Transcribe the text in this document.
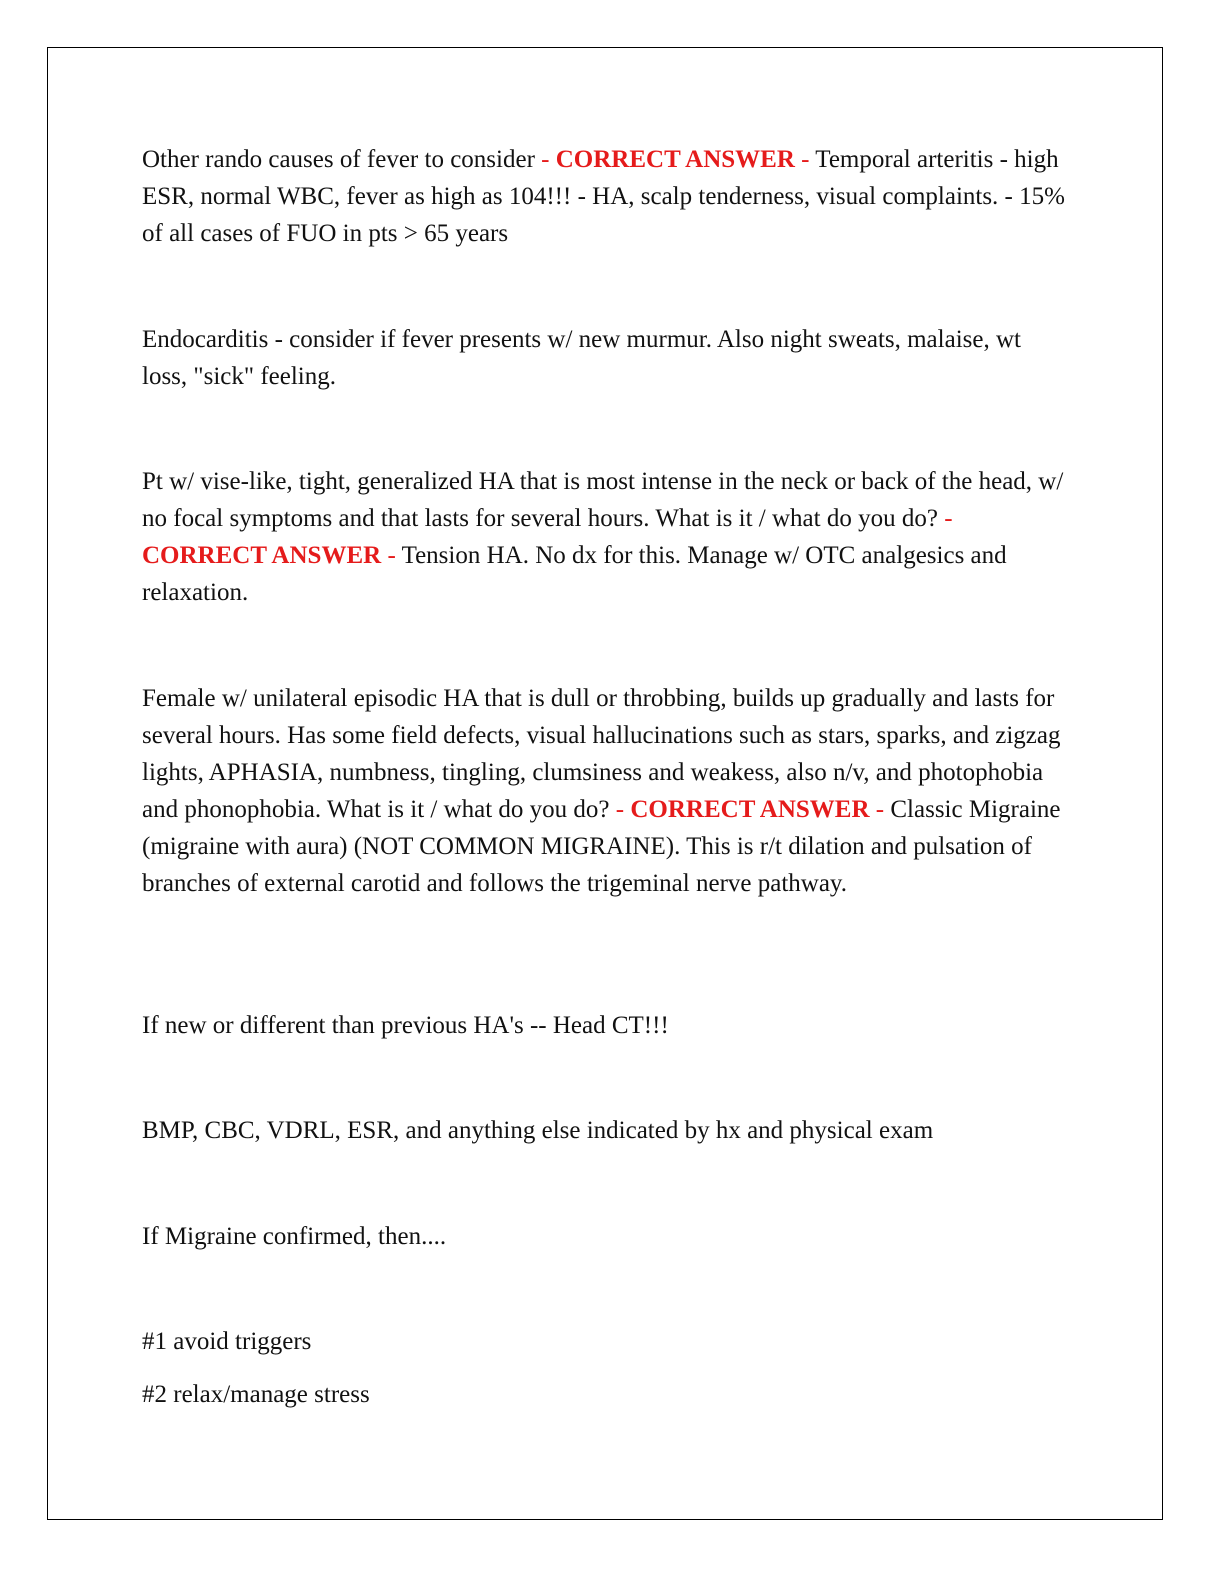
Other rando causes of fever to consider - CORRECT ANSWER - Temporal arteritis - high ESR, normal WBC, fever as high as 104!!! - HA, scalp tenderness, visual complaints. - 15% of all cases of FUO in pts > 65 years

Endocarditis - consider if fever presents w/ new murmur. Also night sweats, malaise, wt loss, "sick" feeling.

Pt w/ vise-like, tight, generalized HA that is most intense in the neck or back of the head, w/ no focal symptoms and that lasts for several hours. What is it / what do you do? - CORRECT ANSWER - Tension HA. No dx for this. Manage w/ OTC analgesics and relaxation.

Female w/ unilateral episodic HA that is dull or throbbing, builds up gradually and lasts for several hours. Has some field defects, visual hallucinations such as stars, sparks, and zigzag lights, APHASIA, numbness, tingling, clumsiness and weakess, also n/v, and photophobia and phonophobia. What is it / what do you do? - CORRECT ANSWER - Classic Migraine (migraine with aura) (NOT COMMON MIGRAINE). This is r/t dilation and pulsation of branches of external carotid and follows the trigeminal nerve pathway.

If new or different than previous HA's -- Head CT!!!

BMP, CBC, VDRL, ESR, and anything else indicated by hx and physical exam

If Migraine confirmed, then....

#1 avoid triggers

#2 relax/manage stress
